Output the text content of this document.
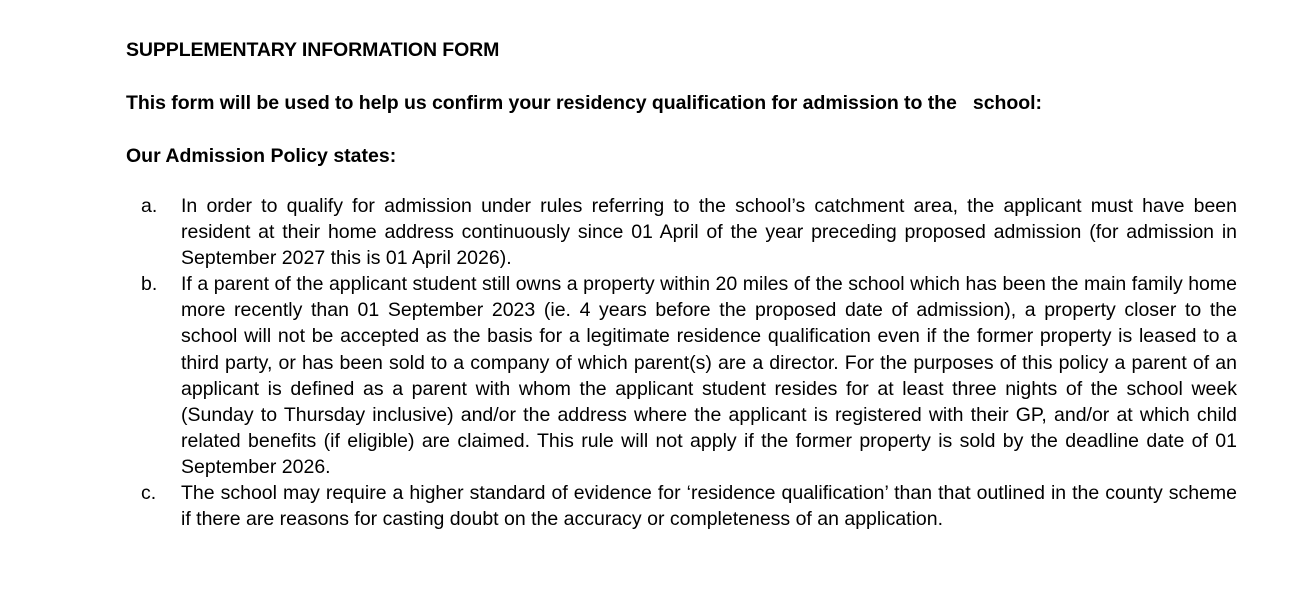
SUPPLEMENTARY INFORMATION FORM
This form will be used to help us confirm your residency qualification for admission to the   school:
Our Admission Policy states:
a. In order to qualify for admission under rules referring to the school’s catchment area, the applicant must have been resident at their home address continuously since 01 April of the year preceding proposed admission (for admission in September 2027 this is 01 April 2026).
b. If a parent of the applicant student still owns a property within 20 miles of the school which has been the main family home more recently than 01 September 2023 (ie. 4 years before the proposed date of admission), a property closer to the school will not be accepted as the basis for a legitimate residence qualification even if the former property is leased to a third party, or has been sold to a company of which parent(s) are a director. For the purposes of this policy a parent of an applicant is defined as a parent with whom the applicant student resides for at least three nights of the school week (Sunday to Thursday inclusive) and/or the address where the applicant is registered with their GP, and/or at which child related benefits (if eligible) are claimed. This rule will not apply if the former property is sold by the deadline date of 01 September 2026.
c. The school may require a higher standard of evidence for ‘residence qualification’ than that outlined in the county scheme if there are reasons for casting doubt on the accuracy or completeness of an application.
